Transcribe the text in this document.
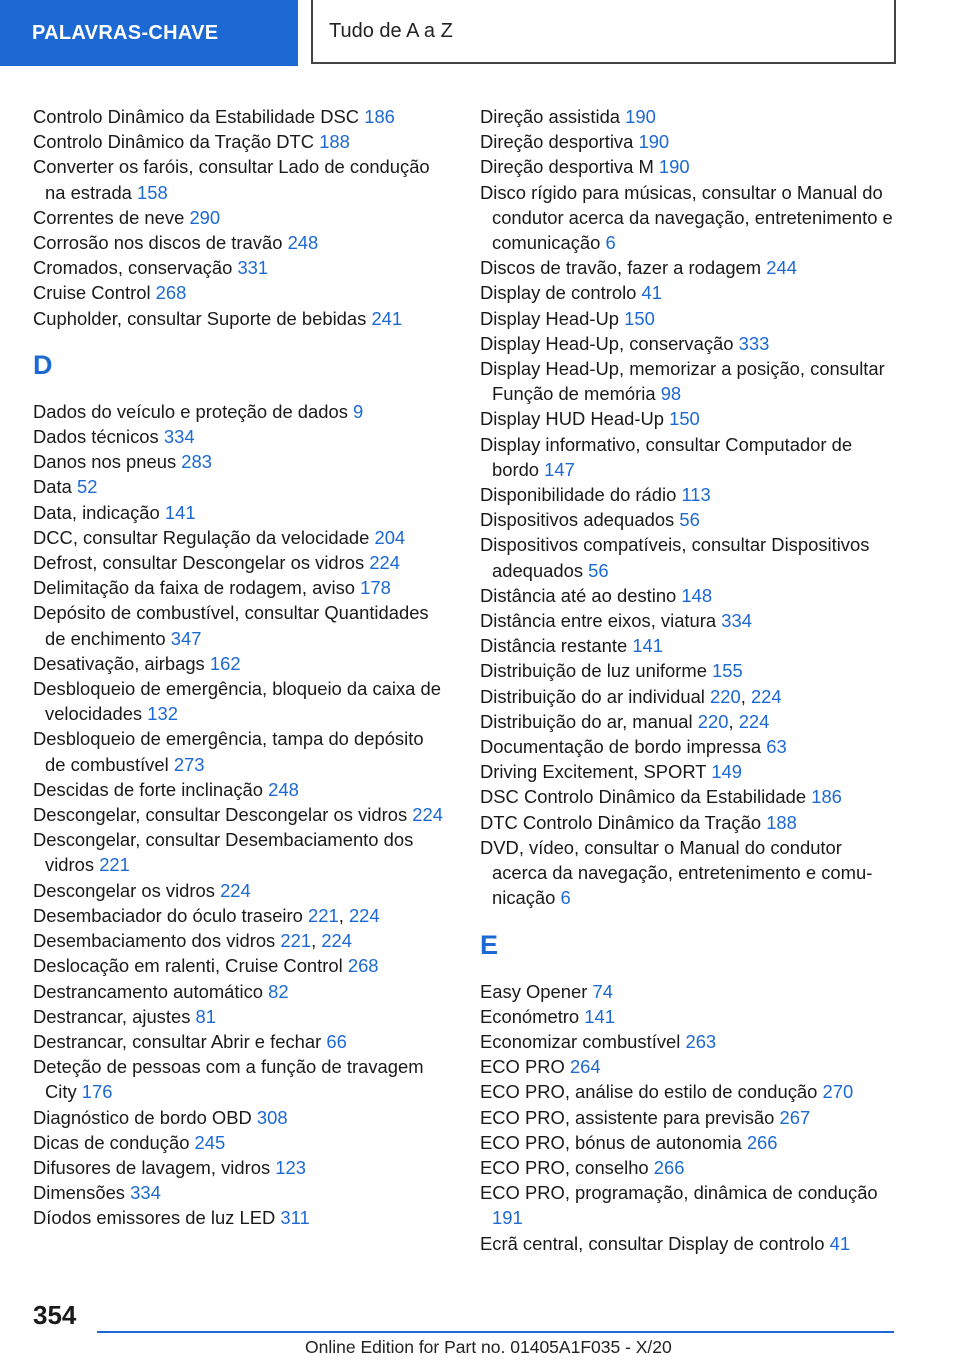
PALAVRAS-CHAVE	Tudo de A a Z

Controlo Dinâmico da Estabilidade DSC 186

Controlo Dinâmico da Tração DTC 188

Converter os faróis, consultar Lado de condução na estrada 158

Correntes de neve 290

Corrosão nos discos de travão 248

Cromados, conservação 331

Cruise Control 268

Cupholder, consultar Suporte de bebidas 241

D

Dados do veículo e proteção de dados 9

Dados técnicos 334

Danos nos pneus 283

Data 52

Data, indicação 141

DCC, consultar Regulação da velocidade 204

Defrost, consultar Descongelar os vidros 224

Delimitação da faixa de rodagem, aviso 178

Depósito de combustível, consultar Quantidades de enchimento 347

Desativação, airbags 162

Desbloqueio de emergência, bloqueio da caixa de velocidades 132

Desbloqueio de emergência, tampa do depósito de combustível 273

Descidas de forte inclinação 248

Descongelar, consultar Descongelar os vidros 224

Descongelar, consultar Desembaciamento dos vidros 221

Descongelar os vidros 224

Desembaciador do óculo traseiro 221, 224

Desembaciamento dos vidros 221, 224

Deslocação em ralenti, Cruise Control 268

Destrancamento automático 82

Destrancar, ajustes 81

Destrancar, consultar Abrir e fechar 66

Deteção de pessoas com a função de travagem City 176

Diagnóstico de bordo OBD 308

Dicas de condução 245

Difusores de lavagem, vidros 123

Dimensões 334

Díodos emissores de luz LED 311

Direção assistida 190

Direção desportiva 190

Direção desportiva M 190

Disco rígido para músicas, consultar o Manual do condutor acerca da navegação, entretenimento e comunicação 6

Discos de travão, fazer a rodagem 244

Display de controlo 41

Display Head-Up 150

Display Head-Up, conservação 333

Display Head-Up, memorizar a posição, consultar Função de memória 98

Display HUD Head-Up 150

Display informativo, consultar Computador de bordo 147

Disponibilidade do rádio 113

Dispositivos adequados 56

Dispositivos compatíveis, consultar Dispositivos adequados 56

Distância até ao destino 148

Distância entre eixos, viatura 334

Distância restante 141

Distribuição de luz uniforme 155

Distribuição do ar individual 220, 224

Distribuição do ar, manual 220, 224

Documentação de bordo impressa 63

Driving Excitement, SPORT 149

DSC Controlo Dinâmico da Estabilidade 186

DTC Controlo Dinâmico da Tração 188

DVD, vídeo, consultar o Manual do condutor acerca da navegação, entretenimento e comunicação 6

E

Easy Opener 74

Económetro 141

Economizar combustível 263

ECO PRO 264

ECO PRO, análise do estilo de condução 270

ECO PRO, assistente para previsão 267

ECO PRO, bónus de autonomia 266

ECO PRO, conselho 266

ECO PRO, programação, dinâmica de condução 191

Ecrã central, consultar Display de controlo 41

354
Online Edition for Part no. 01405A1F035 - X/20
